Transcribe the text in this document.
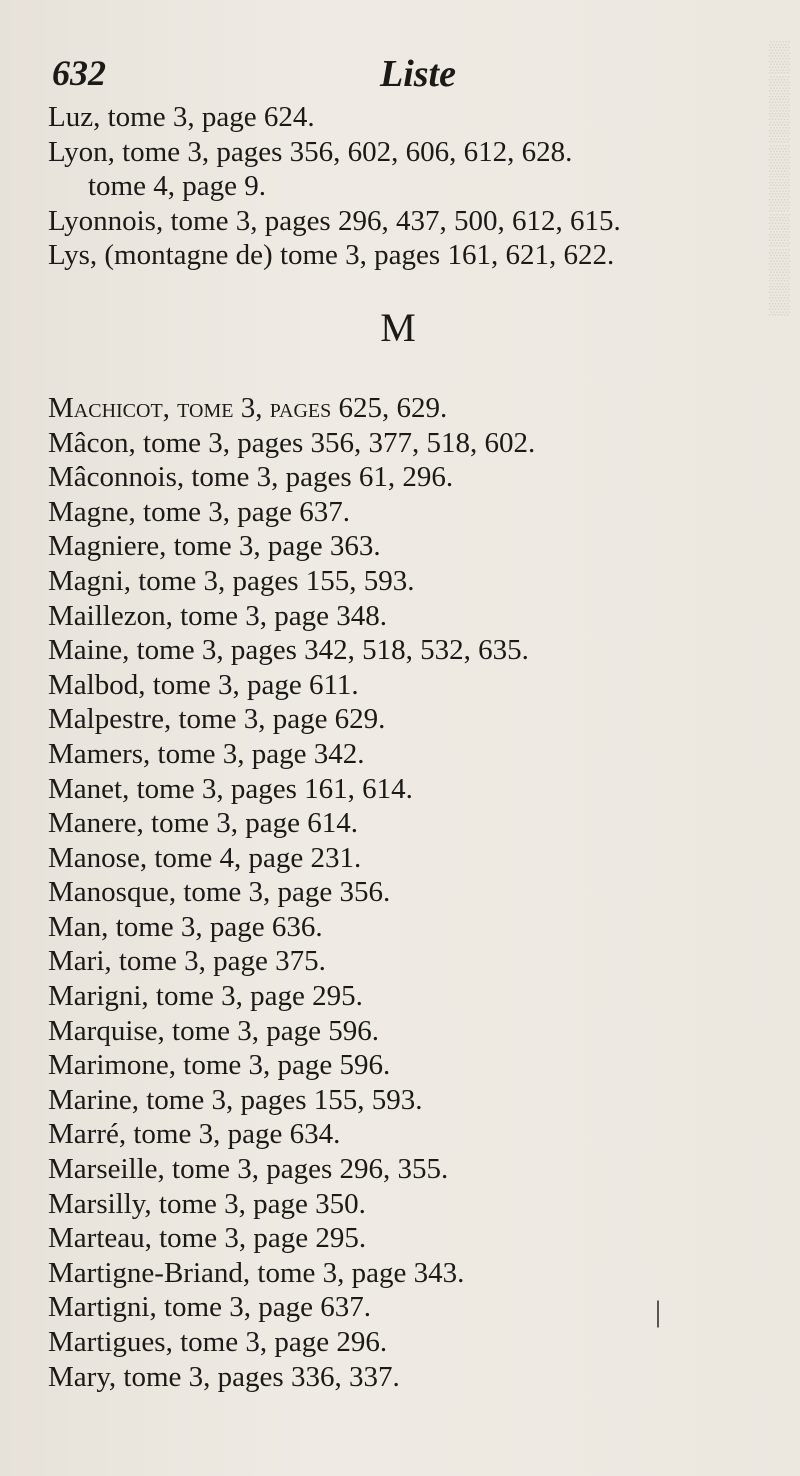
▒
▒
▒
▒
▒
▒
▒
▒
632	Liste
Luz, tome 3, page 624.
Lyon, tome 3, pages 356, 602, 606, 612, 628.
tome 4, page 9.
Lyonnois, tome 3, pages 296, 437, 500, 612, 615.
Lys, (montagne de) tome 3, pages 161, 621, 622.
M
Machicot, tome 3, pages 625, 629.
Mâcon, tome 3, pages 356, 377, 518, 602.
Mâconnois, tome 3, pages 61, 296.
Magne, tome 3, page 637.
Magniere, tome 3, page 363.
Magni, tome 3, pages 155, 593.
Maillezon, tome 3, page 348.
Maine, tome 3, pages 342, 518, 532, 635.
Malbod, tome 3, page 611.
Malpestre, tome 3, page 629.
Mamers, tome 3, page 342.
Manet, tome 3, pages 161, 614.
Manere, tome 3, page 614.
Manose, tome 4, page 231.
Manosque, tome 3, page 356.
Man, tome 3, page 636.
Mari, tome 3, page 375.
Marigni, tome 3, page 295.
Marquise, tome 3, page 596.
Marimone, tome 3, page 596.
Marine, tome 3, pages 155, 593.
Marré, tome 3, page 634.
Marseille, tome 3, pages 296, 355.
Marsilly, tome 3, page 350.
Marteau, tome 3, page 295.
Martigne-Briand, tome 3, page 343.
Martigni, tome 3, page 637.
Martigues, tome 3, page 296.
Mary, tome 3, pages 336, 337.
|
